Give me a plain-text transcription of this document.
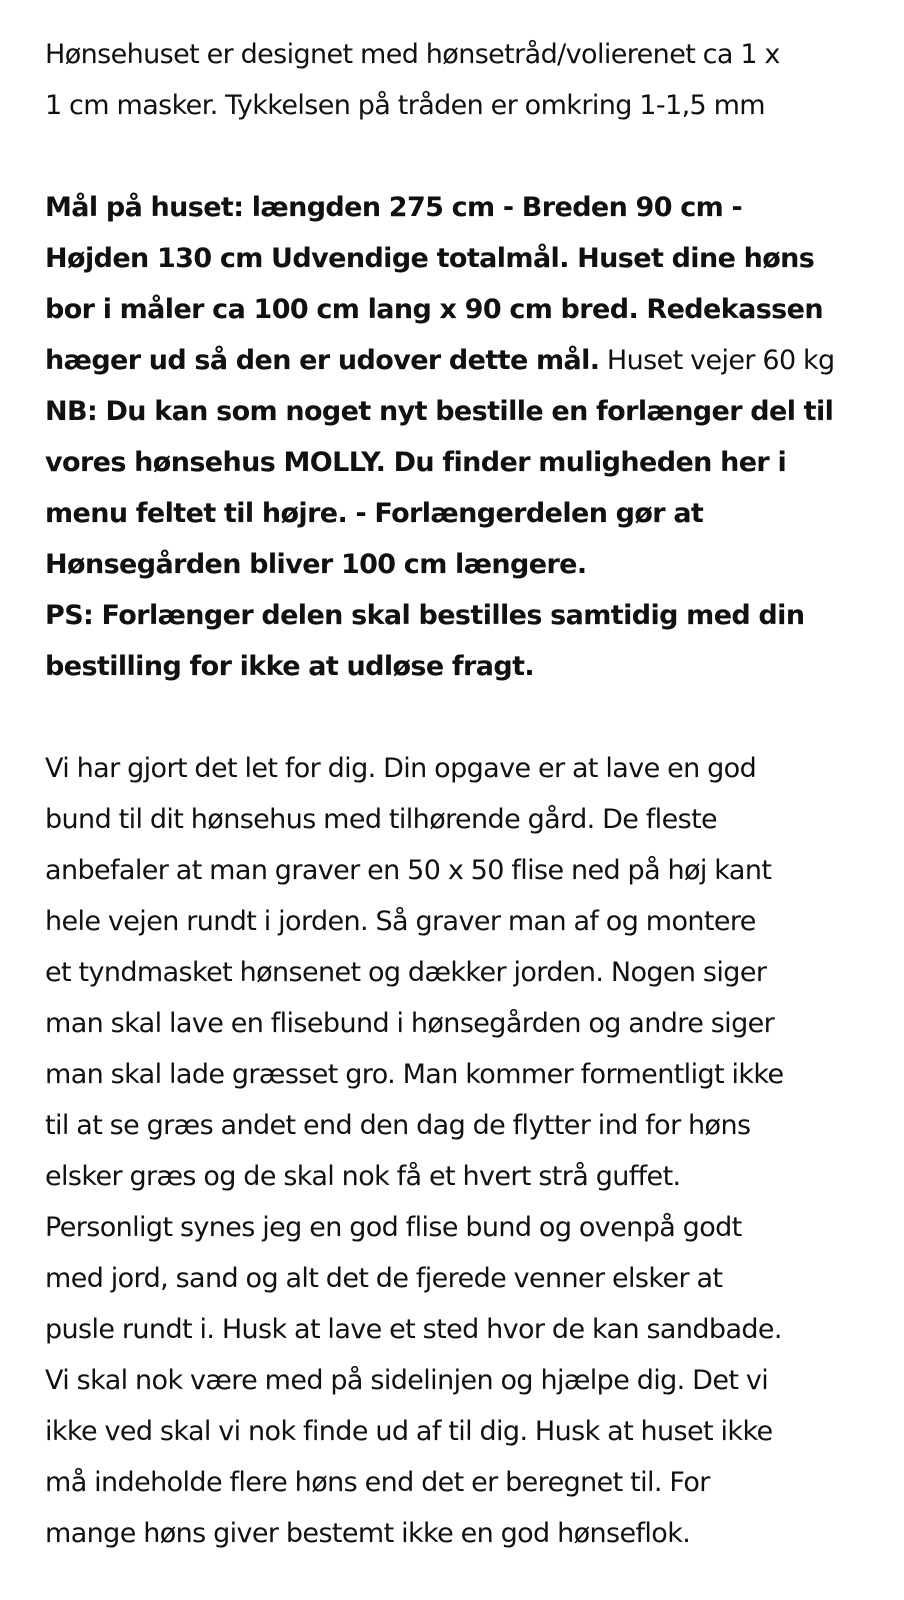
Hønsehuset er designet med hønsetråd/volierenet ca 1 x
1 cm masker. Tykkelsen på tråden er omkring 1-1,5 mm

Mål på huset: længden 275 cm - Breden 90 cm -
Højden 130 cm Udvendige totalmål. Huset dine høns
bor i måler ca 100 cm lang x 90 cm bred. Redekassen
hæger ud så den er udover dette mål. Huset vejer 60 kg
NB: Du kan som noget nyt bestille en forlænger del til
vores hønsehus MOLLY. Du finder muligheden her i
menu feltet til højre. - Forlængerdelen gør at
Hønsegården bliver 100 cm længere.
PS: Forlænger delen skal bestilles samtidig med din
bestilling for ikke at udløse fragt.

Vi har gjort det let for dig. Din opgave er at lave en god
bund til dit hønsehus med tilhørende gård. De fleste
anbefaler at man graver en 50 x 50 flise ned på høj kant
hele vejen rundt i jorden. Så graver man af og montere
et tyndmasket hønsenet og dækker jorden. Nogen siger
man skal lave en flisebund i hønsegården og andre siger
man skal lade græsset gro. Man kommer formentligt ikke
til at se græs andet end den dag de flytter ind for høns
elsker græs og de skal nok få et hvert strå guffet.
Personligt synes jeg en god flise bund og ovenpå godt
med jord, sand og alt det de fjerede venner elsker at
pusle rundt i. Husk at lave et sted hvor de kan sandbade.
Vi skal nok være med på sidelinjen og hjælpe dig. Det vi
ikke ved skal vi nok finde ud af til dig. Husk at huset ikke
må indeholde flere høns end det er beregnet til. For
mange høns giver bestemt ikke en god hønseflok.
